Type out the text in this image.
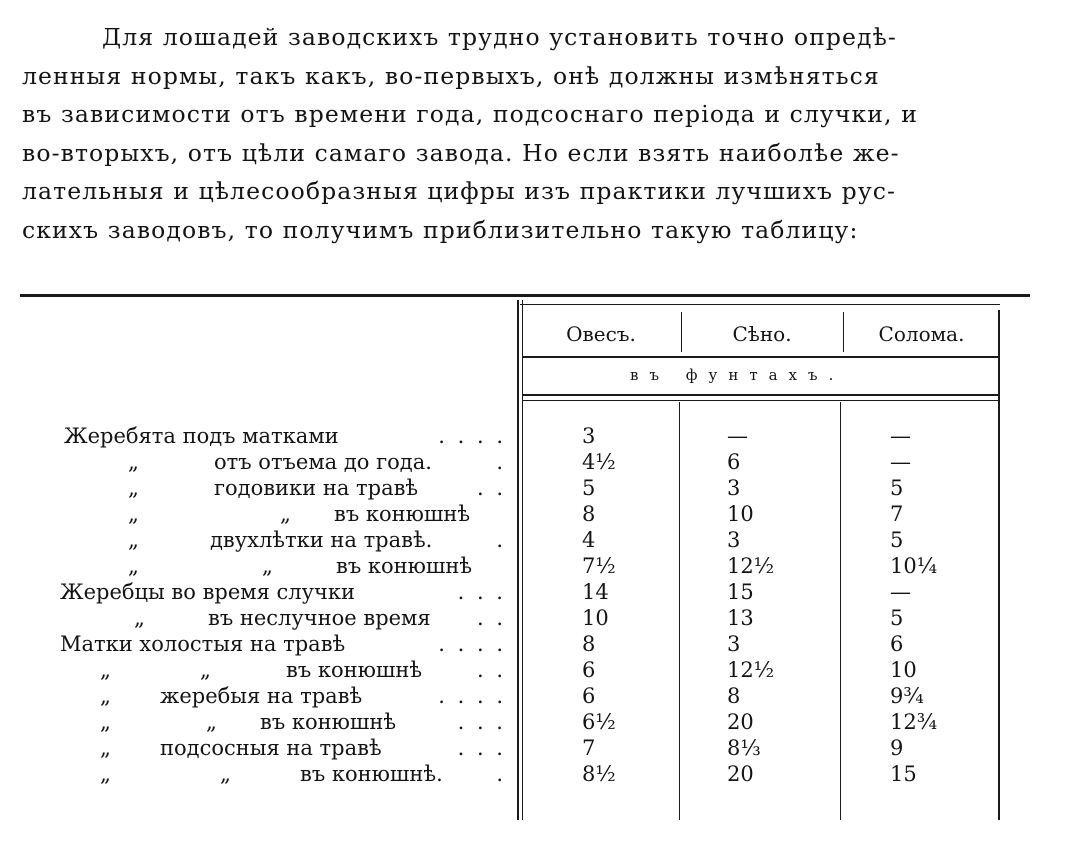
Для лошадей заводскихъ трудно установить точно опредѣ-
ленныя нормы, такъ какъ, во-первыхъ, онѣ должны измѣняться
въ зависимости отъ времени года, подсоснаго періода и случки, и
во-вторыхъ, отъ цѣли самаго завода. Но если взять наиболѣе же-
лательныя и цѣлесообразныя цифры изъ практики лучшихъ рус-
скихъ заводовъ, то получимъ приблизительно такую таблицу:
Овесъ.	Сѣно.	Солома.
въ фунтахъ.
Жеребята подъ матками	. . . .	3	—	—
„	отъ отъема до года.	.	4½	6	—
„	годовики на травѣ	. .	5	3	5
„	„ въ конюшнѣ	8	10	7
„	двухлѣтки на травѣ.	.	4	3	5
„	„	въ конюшнѣ	7½	12½	10¼
Жеребцы во время случки	. . .	14	15	—
„	въ неслучное время . .	10	13	5
Матки холостыя на травѣ	. . . .	8	3	6
„	„	въ конюшнѣ	. .	6	12½	10
„ жеребыя на травѣ	. . . .	6	8	9¾
„	„ въ конюшнѣ	. . .	6½	20	12¾
„ подсосныя на травѣ	. . .	7	8⅓	9
„	„	въ конюшнѣ.	.	8½	20	15
